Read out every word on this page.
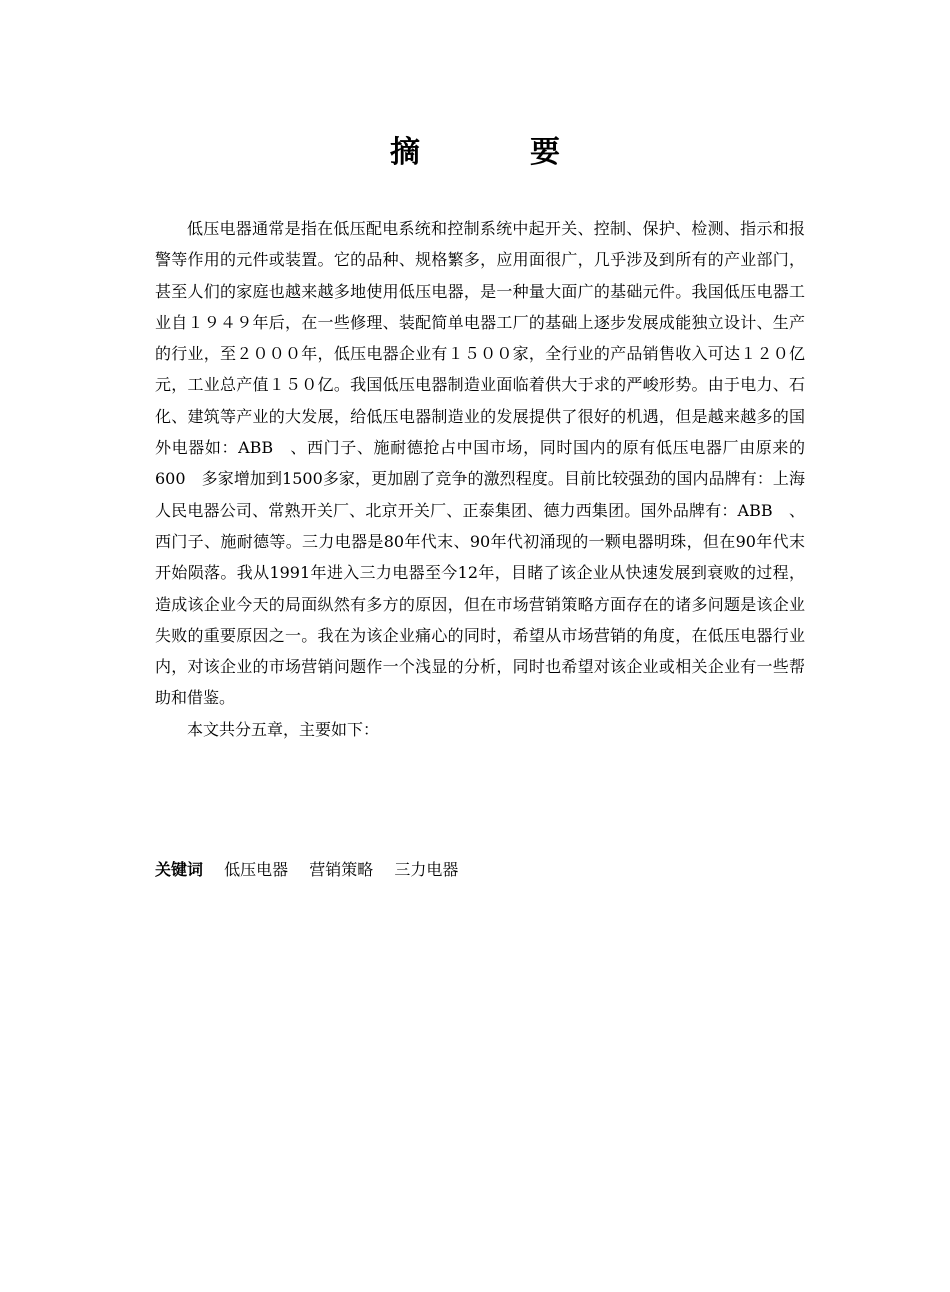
摘　要

低压电器通常是指在低压配电系统和控制系统中起开关、控制、保护、检测、指示和报警等作用的元件或装置。它的品种、规格繁多，应用面很广，几乎涉及到所有的产业部门，甚至人们的家庭也越来越多地使用低压电器，是一种量大面广的基础元件。我国低压电器工业自１９４９年后，在一些修理、装配简单电器工厂的基础上逐步发展成能独立设计、生产的行业，至２０００年，低压电器企业有１５００家，全行业的产品销售收入可达１２０亿元，工业总产值１５０亿。我国低压电器制造业面临着供大于求的严峻形势。由于电力、石化、建筑等产业的大发展，给低压电器制造业的发展提供了很好的机遇，但是越来越多的国外电器如：ABB　、西门子、施耐德抢占中国市场，同时国内的原有低压电器厂由原来的600　多家增加到1500多家，更加剧了竞争的激烈程度。目前比较强劲的国内品牌有：上海人民电器公司、常熟开关厂、北京开关厂、正泰集团、德力西集团。国外品牌有：ABB　、西门子、施耐德等。三力电器是80年代末、90年代初涌现的一颗电器明珠，但在90年代末开始陨落。我从1991年进入三力电器至今12年，目睹了该企业从快速发展到衰败的过程，造成该企业今天的局面纵然有多方的原因，但在市场营销策略方面存在的诸多问题是该企业失败的重要原因之一。我在为该企业痛心的同时，希望从市场营销的角度，在低压电器行业内，对该企业的市场营销问题作一个浅显的分析，同时也希望对该企业或相关企业有一些帮助和借鉴。

本文共分五章，主要如下：

关键词 低压电器 营销策略 三力电器
